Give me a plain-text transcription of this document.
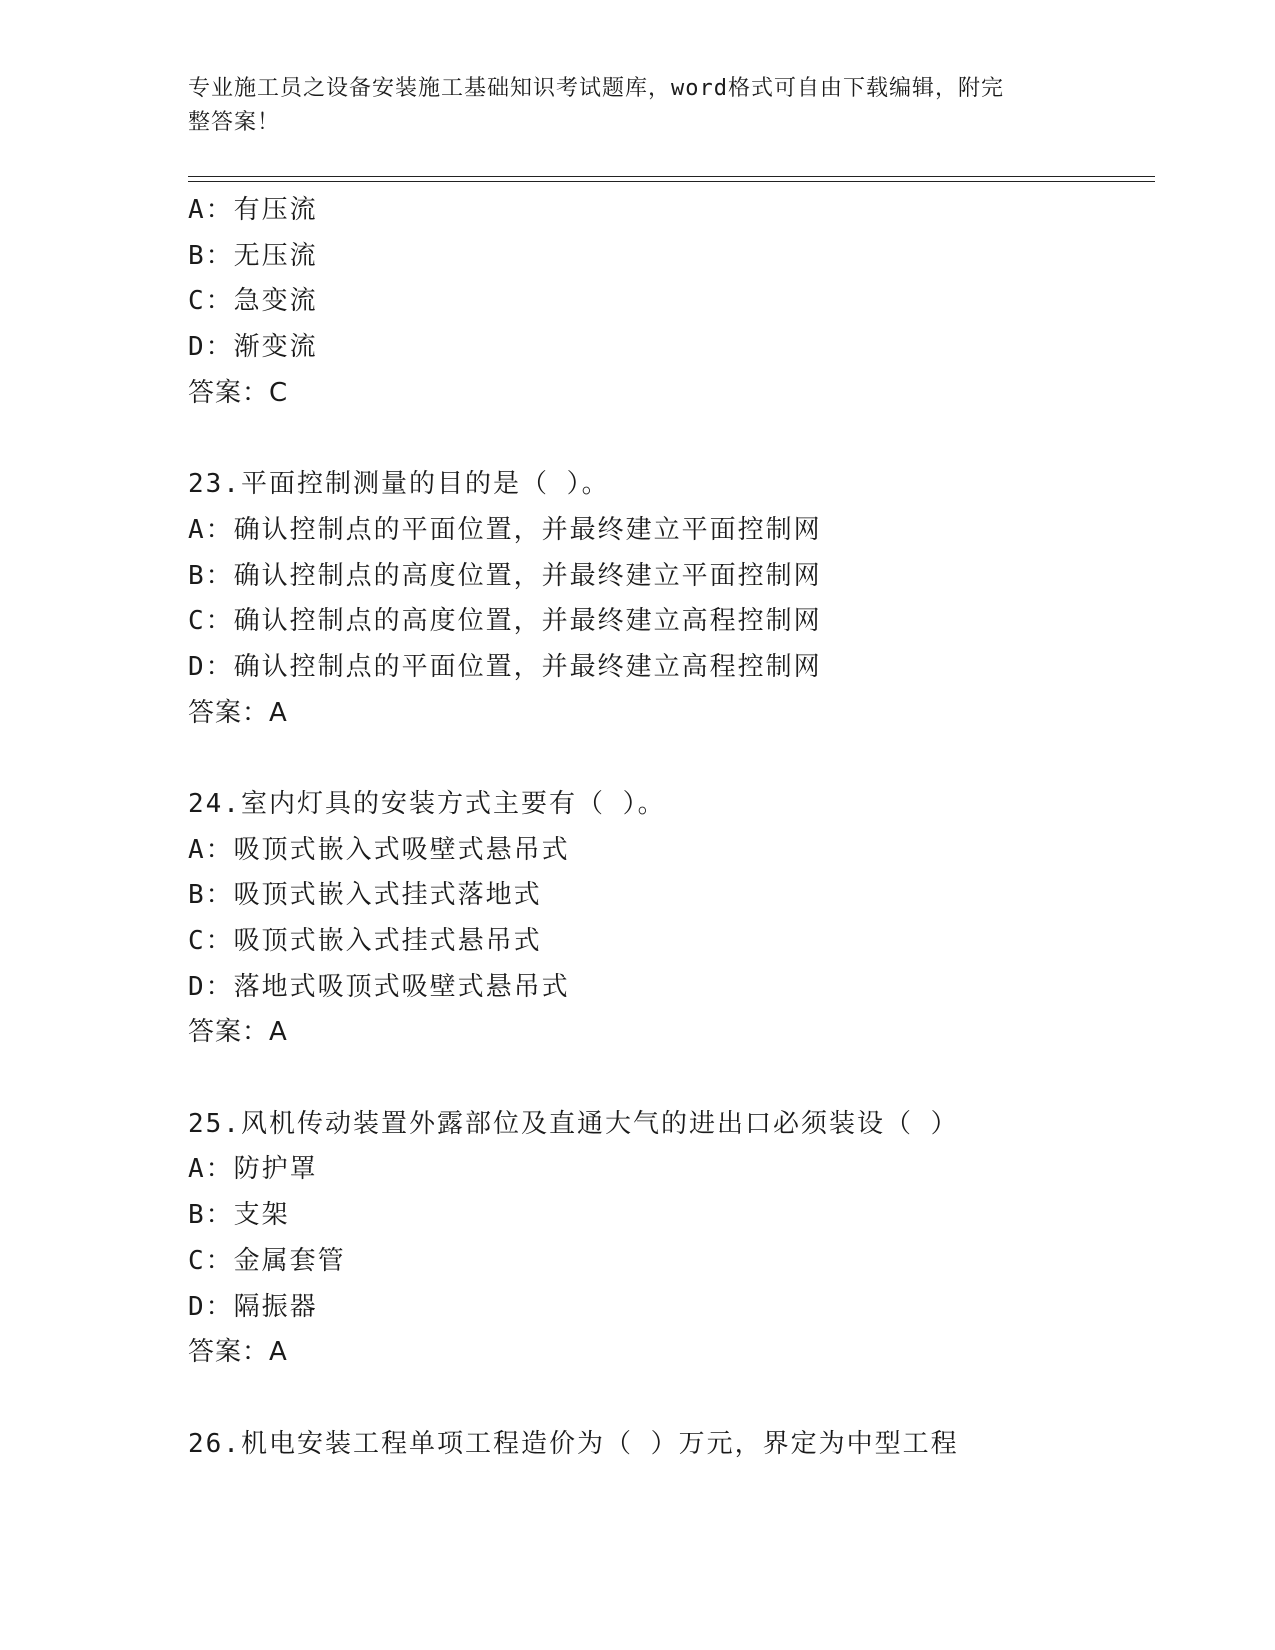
专业施工员之设备安装施工基础知识考试题库，word格式可自由下载编辑，附完
整答案！
A：有压流
B：无压流
C：急变流
D：渐变流
答案：C
23.平面控制测量的目的是（ ）。
A：确认控制点的平面位置，并最终建立平面控制网
B：确认控制点的高度位置，并最终建立平面控制网
C：确认控制点的高度位置，并最终建立高程控制网
D：确认控制点的平面位置，并最终建立高程控制网
答案：A
24.室内灯具的安装方式主要有（ ）。
A：吸顶式嵌入式吸壁式悬吊式
B：吸顶式嵌入式挂式落地式
C：吸顶式嵌入式挂式悬吊式
D：落地式吸顶式吸壁式悬吊式
答案：A
25.风机传动装置外露部位及直通大气的进出口必须装设（ ）
A：防护罩
B：支架
C：金属套管
D：隔振器
答案：A
26.机电安装工程单项工程造价为（ ）万元，界定为中型工程
